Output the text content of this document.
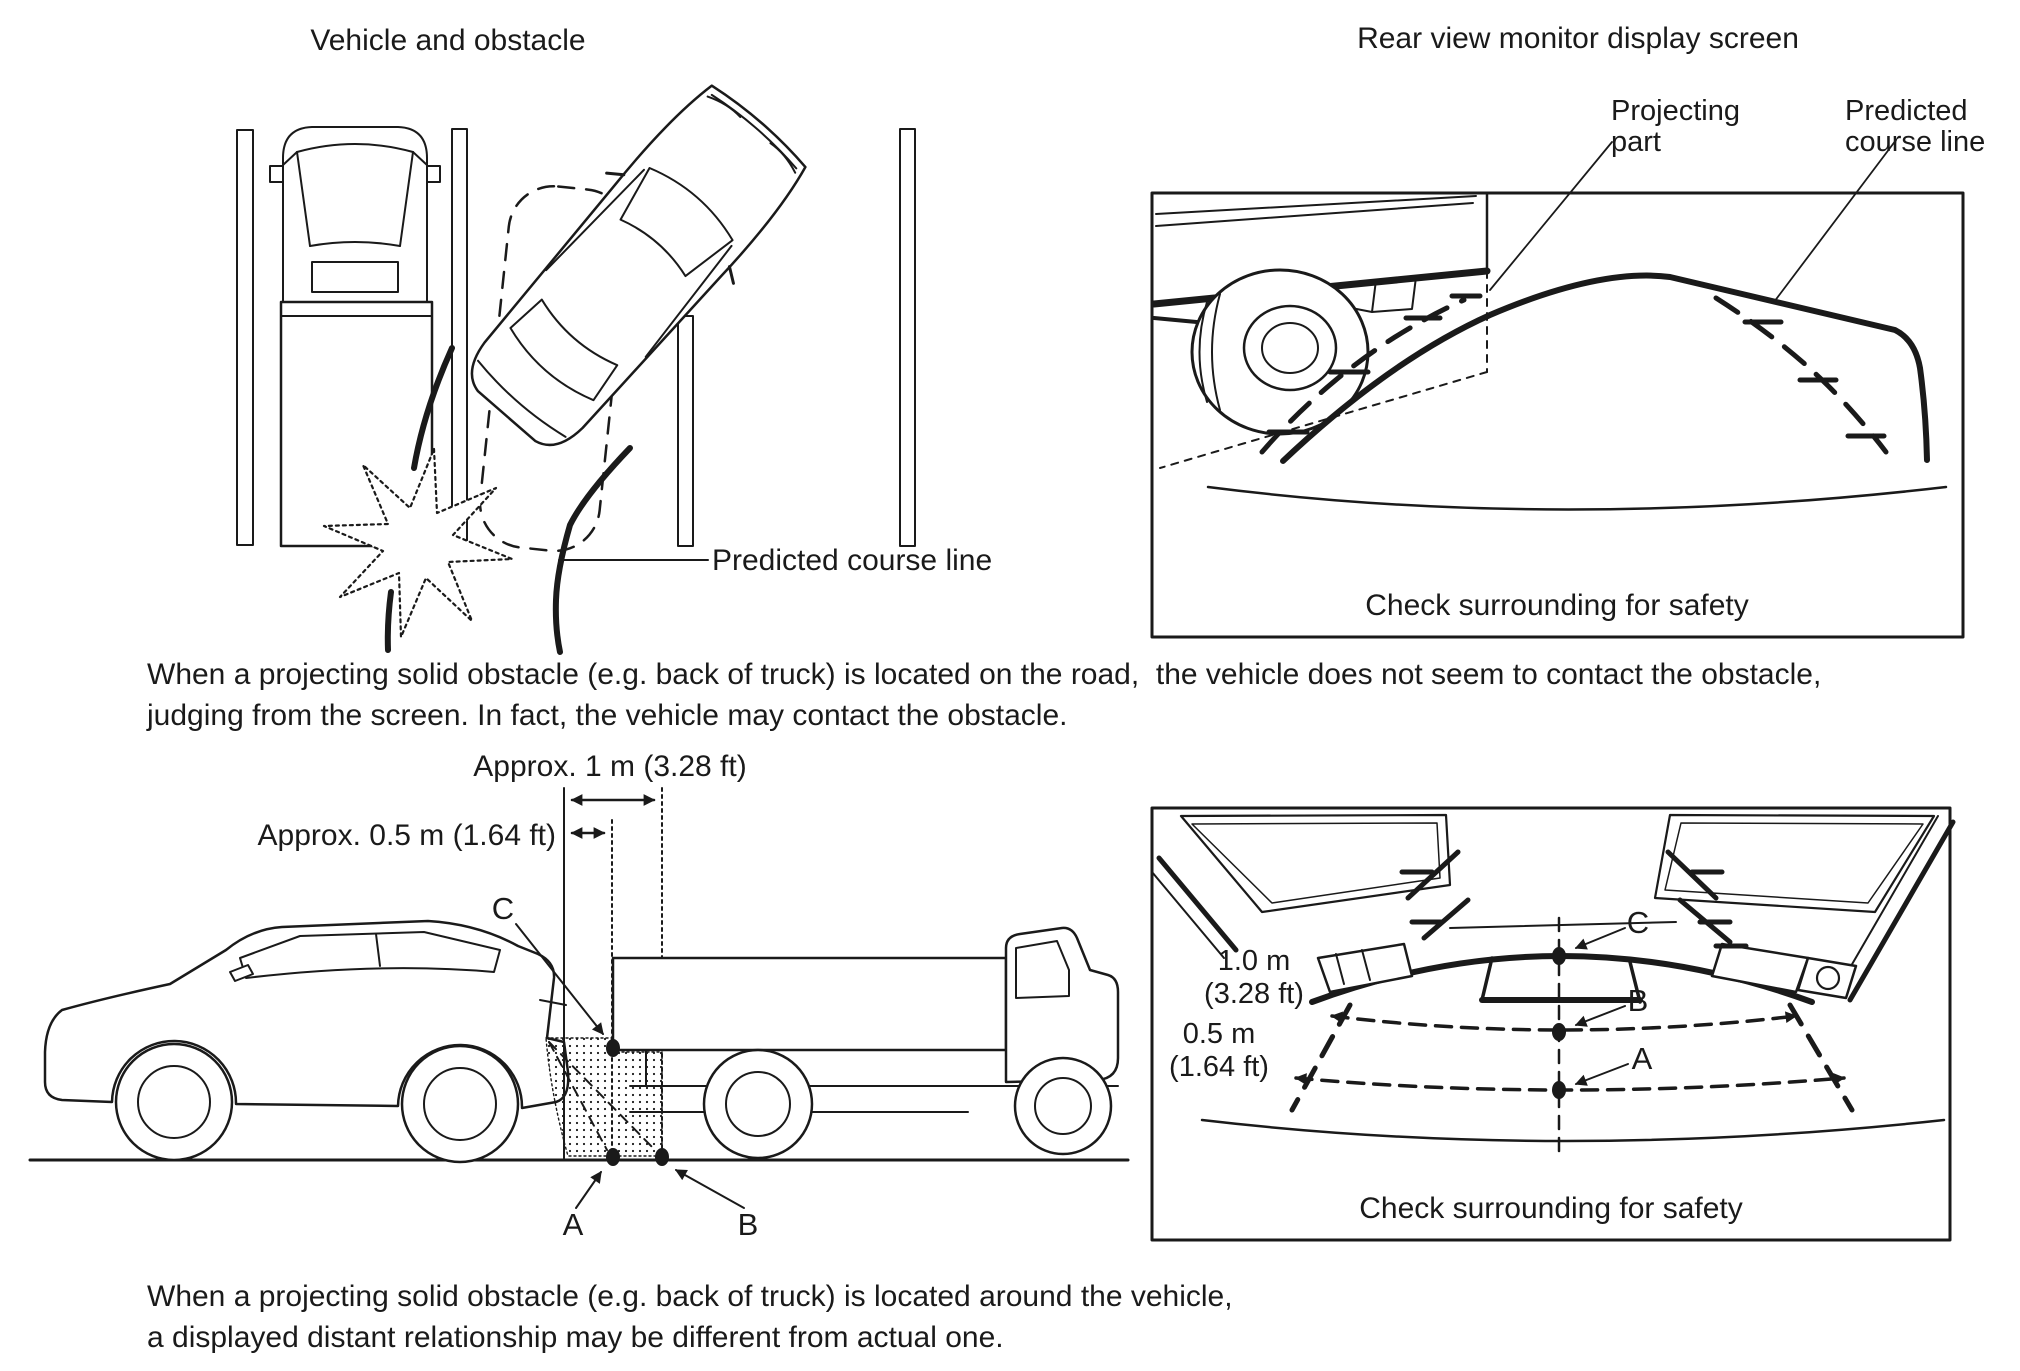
Vehicle and obstacle	Rear view monitor display screen
Projecting
part
Predicted
course line
Check surrounding for safety
Predicted course line
When a projecting solid obstacle (e.g. back of truck) is located on the road,  the vehicle does not seem to contact the obstacle,
judging from the screen. In fact, the vehicle may contact the obstacle.
Approx. 1 m (3.28 ft)
Approx. 0.5 m (1.64 ft)
C
A	B
1.0 m
(3.28 ft)
0.5 m
(1.64 ft)
C
B
A
Check surrounding for safety
When a projecting solid obstacle (e.g. back of truck) is located around the vehicle,
a displayed distant relationship may be different from actual one.
